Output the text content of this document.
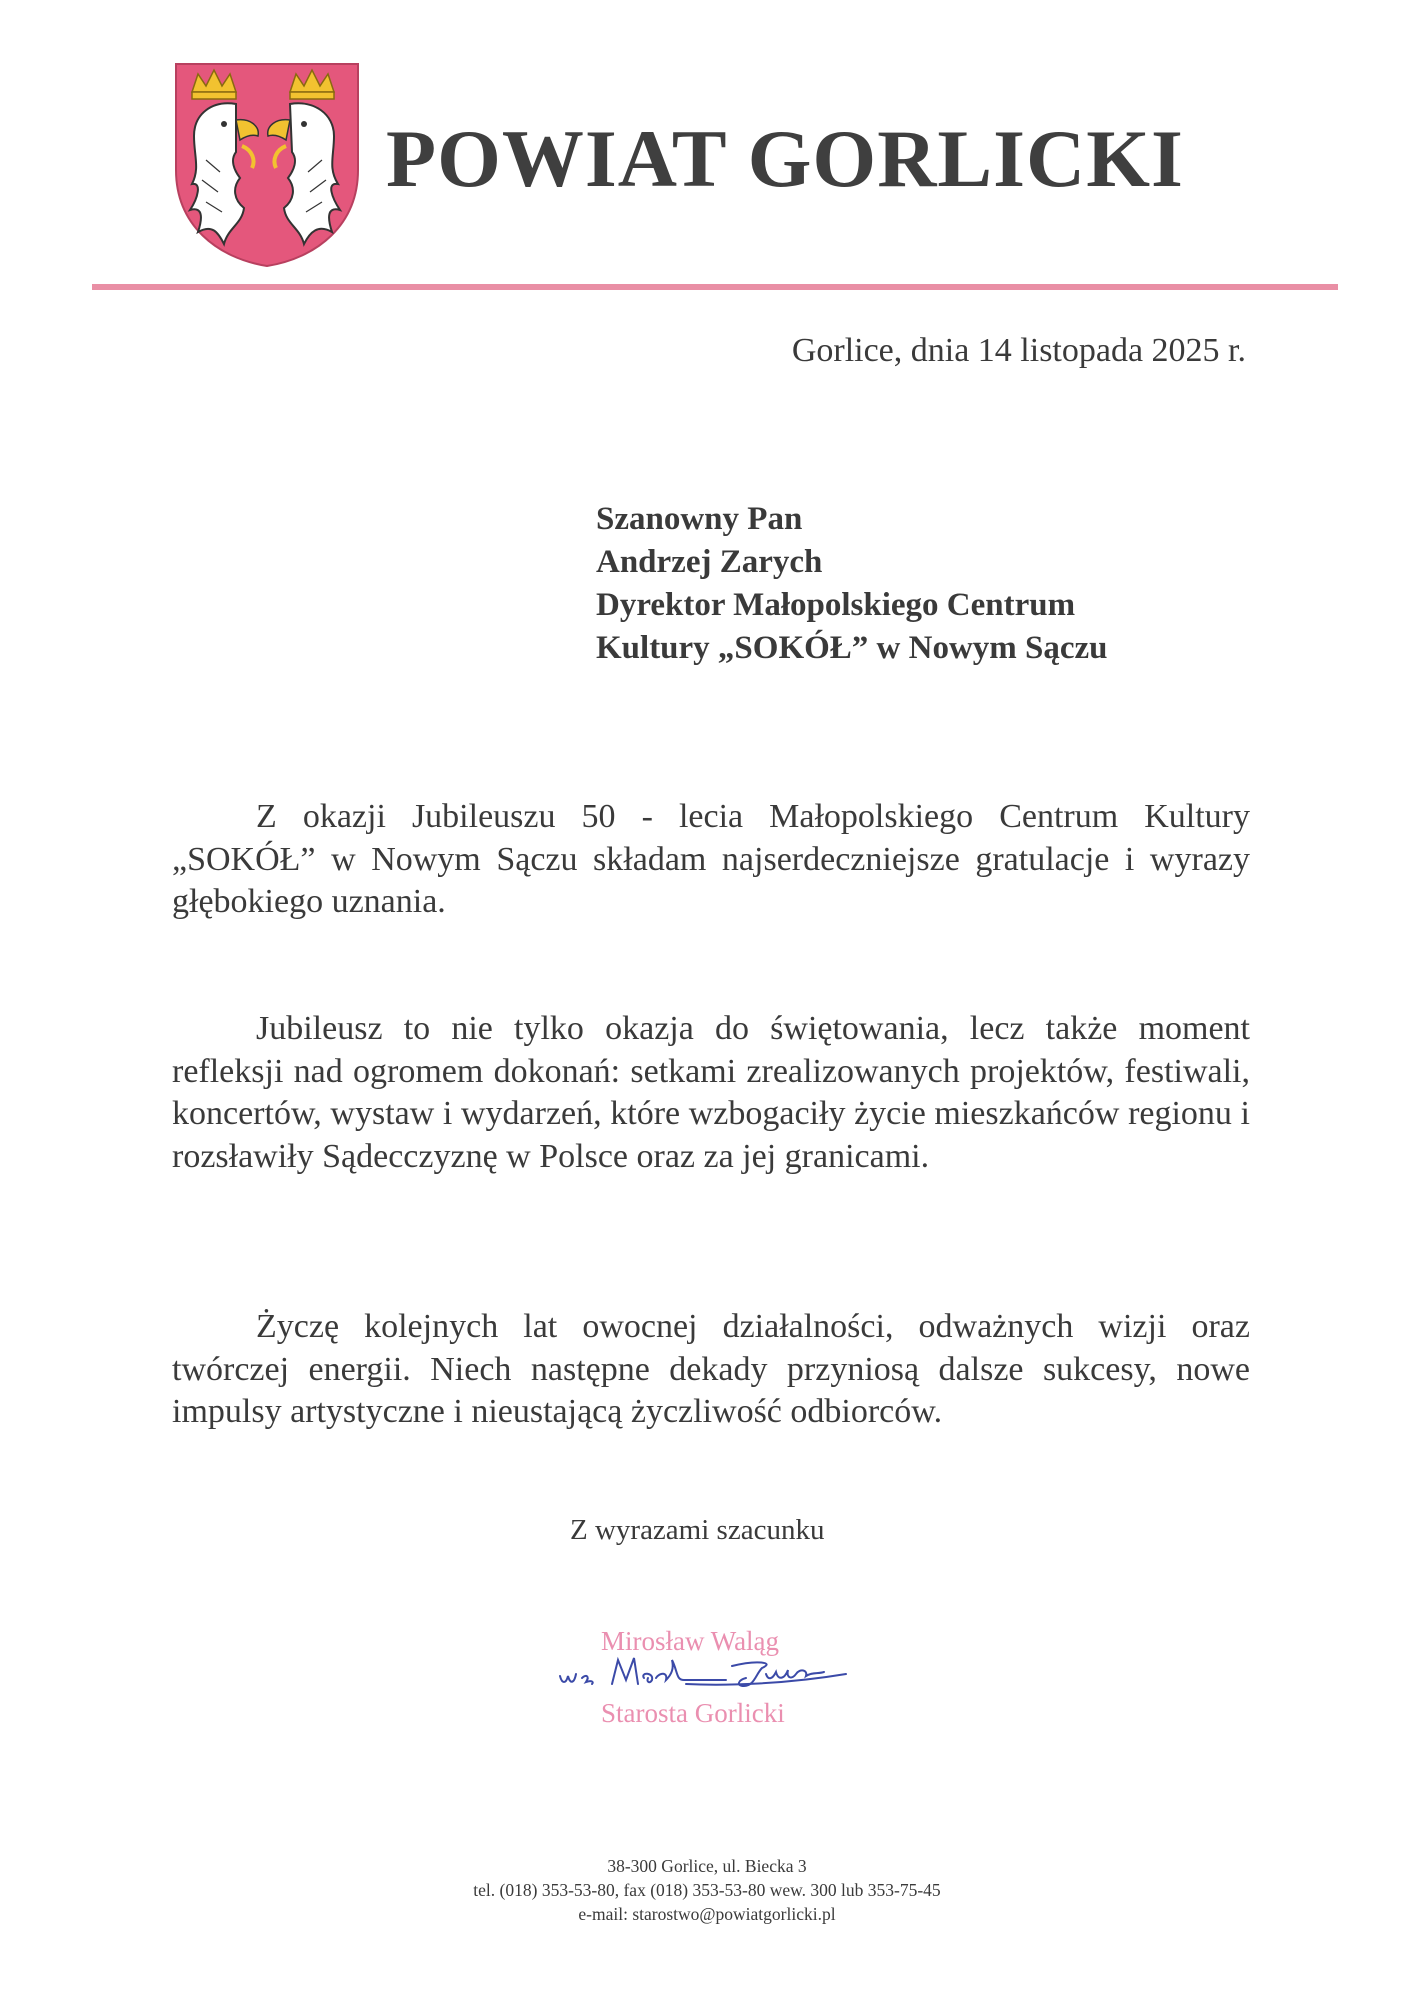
POWIAT GORLICKI
Gorlice, dnia 14 listopada 2025 r.
Szanowny Pan
Andrzej Zarych
Dyrektor Małopolskiego Centrum
Kultury „SOKÓŁ” w Nowym Sączu

Z okazji Jubileuszu 50 - lecia Małopolskiego Centrum Kultury „SOKÓŁ” w Nowym Sączu składam najserdeczniejsze gratulacje i wyrazy głębokiego uznania.

Jubileusz to nie tylko okazja do świętowania, lecz także moment refleksji nad ogromem dokonań: setkami zrealizowanych projektów, festiwali, koncertów, wystaw i wydarzeń, które wzbogaciły życie mieszkańców regionu i rozsławiły Sądecczyznę w Polsce oraz za jej granicami.

Życzę kolejnych lat owocnej działalności, odważnych wizji oraz twórczej energii. Niech następne dekady przyniosą dalsze sukcesy, nowe impulsy artystyczne i nieustającą życzliwość odbiorców.

Z wyrazami szacunku
Mirosław Waląg
Starosta Gorlicki
38-300 Gorlice, ul. Biecka 3
tel. (018) 353-53-80, fax (018) 353-53-80 wew. 300 lub 353-75-45
e-mail: starostwo@powiatgorlicki.pl
